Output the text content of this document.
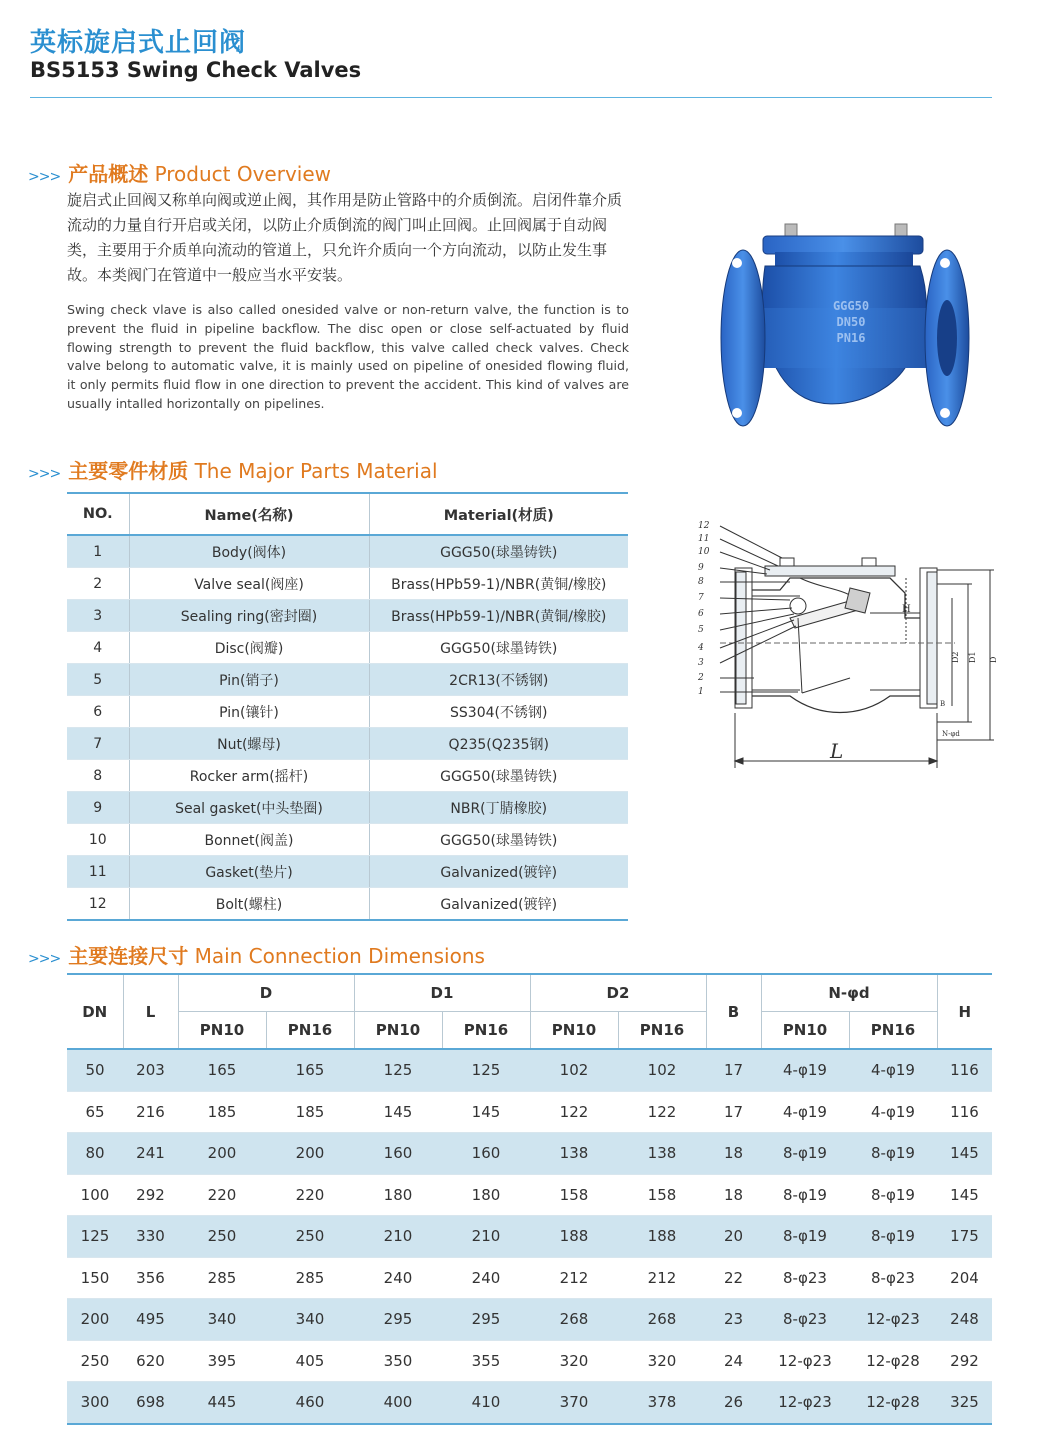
英标旋启式止回阀
BS5153 Swing Check Valves
>>> 产品概述 Product Overview
旋启式止回阀又称单向阀或逆止阀，其作用是防止管路中的介质倒流。启闭件靠介质流动的力量自行开启或关闭，以防止介质倒流的阀门叫止回阀。止回阀属于自动阀类，主要用于介质单向流动的管道上，只允许介质向一个方向流动，以防止发生事故。本类阀门在管道中一般应当水平安装。
Swing check vlave is also called onesided valve or non-return valve, the function is to prevent the fluid in pipeline backflow. The disc open or close self-actuated by fluid flowing strength to prevent the fluid backflow, this valve called check valves. Check valve belong to automatic valve, it is mainly used on pipeline of onesided flowing fluid, it only permits fluid flow in one direction to prevent the accident. This kind of valves are usually intalled horizontally on pipelines.
GGG50
DN50
PN16
>>> 主要零件材质 The Major Parts Material
NO.	Name(名称)	Material(材质)
1	Body(阀体)	GGG50(球墨铸铁)
2	Valve seal(阀座)	Brass(HPb59-1)/NBR(黄铜/橡胶)
3	Sealing ring(密封圈)	Brass(HPb59-1)/NBR(黄铜/橡胶)
4	Disc(阀瓣)	GGG50(球墨铸铁)
5	Pin(销子)	2CR13(不锈钢)
6	Pin(镶针)	SS304(不锈钢)
7	Nut(螺母)	Q235(Q235钢)
8	Rocker arm(摇杆)	GGG50(球墨铸铁)
9	Seal gasket(中头垫圈)	NBR(丁腈橡胶)
10	Bonnet(阀盖)	GGG50(球墨铸铁)
11	Gasket(垫片)	Galvanized(镀锌)
12	Bolt(螺柱)	Galvanized(镀锌)
12
11
10
9
8
7
6
5
4
3
2
1
L
H
D2 D1 D
B
N-φd
>>> 主要连接尺寸 Main Connection Dimensions
DN	L	D		D1		D2		B	N-φd		H
		PN10	PN16	PN10	PN16	PN10	PN16		PN10	PN16	
50	203	165	165	125	125	102	102	17	4-φ19	4-φ19	116
65	216	185	185	145	145	122	122	17	4-φ19	4-φ19	116
80	241	200	200	160	160	138	138	18	8-φ19	8-φ19	145
100	292	220	220	180	180	158	158	18	8-φ19	8-φ19	145
125	330	250	250	210	210	188	188	20	8-φ19	8-φ19	175
150	356	285	285	240	240	212	212	22	8-φ23	8-φ23	204
200	495	340	340	295	295	268	268	23	8-φ23	12-φ23	248
250	620	395	405	350	355	320	320	24	12-φ23	12-φ28	292
300	698	445	460	400	410	370	378	26	12-φ23	12-φ28	325
